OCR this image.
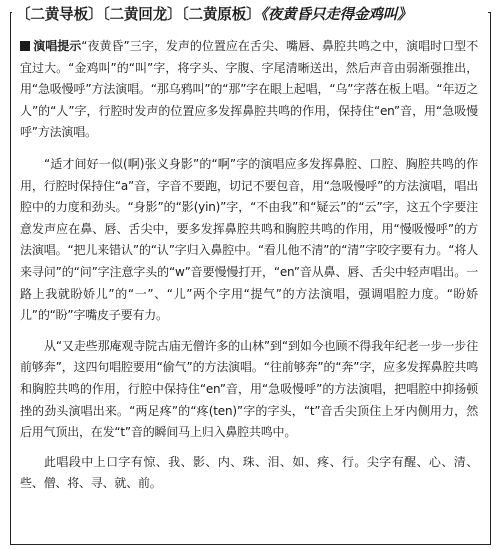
〔二黄导板〕〔二黄回龙〕〔二黄原板〕《夜黄昏只走得金鸡叫》

演唱提示“夜黄昏”三字，发声的位置应在舌尖、嘴唇、鼻腔共鸣之中，演唱时口型不宜过大。“金鸡叫”的“叫”字，将字头、字腹、字尾清晰送出，然后声音由弱渐强推出，用“急吸慢呼”方法演唱。“那乌鸦叫”的“那”字在眼上起唱，“乌”字落在板上唱。“年迈之人”的“人”字，行腔时发声的位置应多发挥鼻腔共鸣的作用，保持住“en”音，用“急吸慢呼”方法演唱。

“适才间好一似(啊)张义身影”的“啊”字的演唱应多发挥鼻腔、口腔、胸腔共鸣的作用，行腔时保持住“a”音，字音不要跑，切记不要包音，用“急吸慢呼”的方法演唱，唱出腔中的力度和劲头。“身影”的“影(yin)”字，“不由我”和“疑云”的“云”字，这五个字要注意发声应在鼻、唇、舌尖中，要多发挥鼻腔共鸣和胸腔共鸣的作用，用“慢吸慢呼”的方法演唱。“把儿来错认”的“认”字归入鼻腔中。“看儿他不清”的“清”字咬字要有力。“将人来寻问”的“问”字注意字头的“w”音要慢慢打开，“en”音从鼻、唇、舌尖中轻声唱出。一路上我就盼娇儿”的“一”、“儿”两个字用“提气”的方法演唱，强调唱腔力度。“盼娇儿”的“盼”字嘴皮子要有力。

从“又走些那庵观寺院古庙无僧许多的山林”到“到如今也顾不得我年纪老一步一步往前够奔”，这四句唱腔要用“偷气”的方法演唱。“往前够奔”的“奔”字，应多发挥鼻腔共鸣和胸腔共鸣的作用，行腔中保持住“en”音，用“急吸慢呼”的方法演唱，把唱腔中抑扬顿挫的劲头演唱出来。“两足疼”的“疼(ten)”字的字头，“t”音舌尖顶住上牙内侧用力，然后用气顶出，在发“t”音的瞬间马上归入鼻腔共鸣中。

此唱段中上口字有惊、我、影、内、珠、泪、如、疼、行。尖字有醒、心、清、些、僧、将、寻、就、前。
